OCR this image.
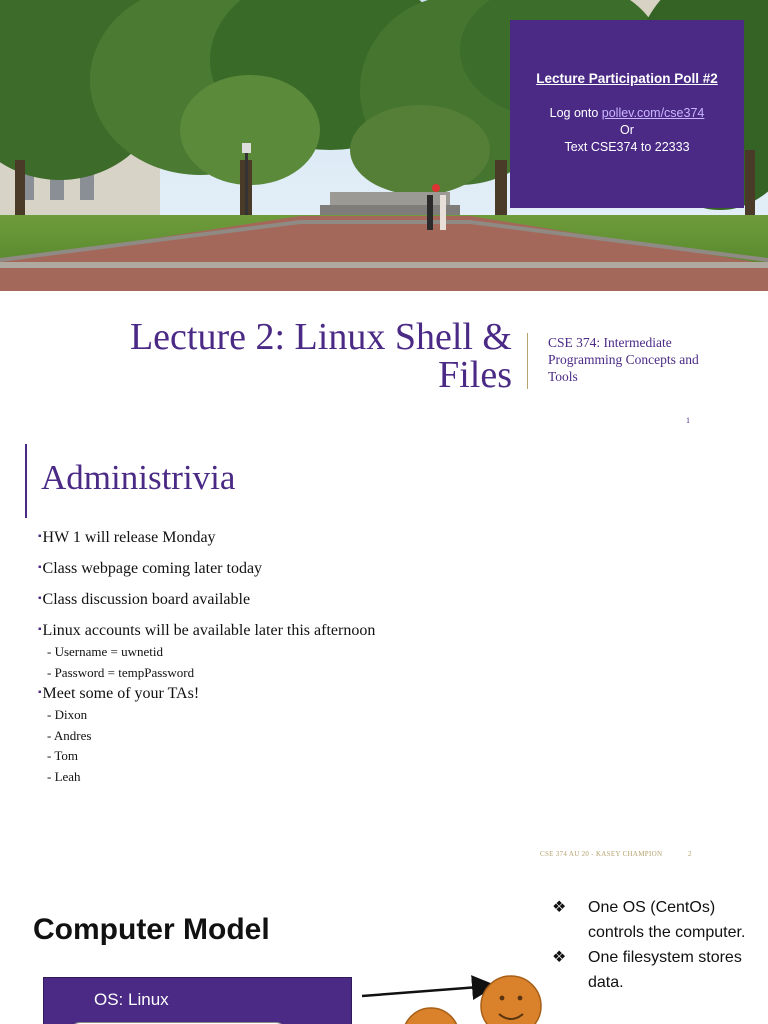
Lecture Participation Poll #2
Log onto pollev.com/cse374
Or
Text CSE374 to 22333
Lecture 2: Linux Shell &
Files
CSE 374: Intermediate Programming Concepts and Tools
1
Administrivia
▪HW 1 will release Monday
▪Class webpage coming later today
▪Class discussion board available
▪Linux accounts will be available later this afternoon
- Username = uwnetid
- Password = tempPassword
▪Meet some of your TAs!
- Dixon
- Andres
- Tom
- Leah
CSE 374 AU 20 - KASEY CHAMPION	2
Computer Model
OS: Linux
❖ One OS (CentOs) controls the computer.
❖ One filesystem stores data.
